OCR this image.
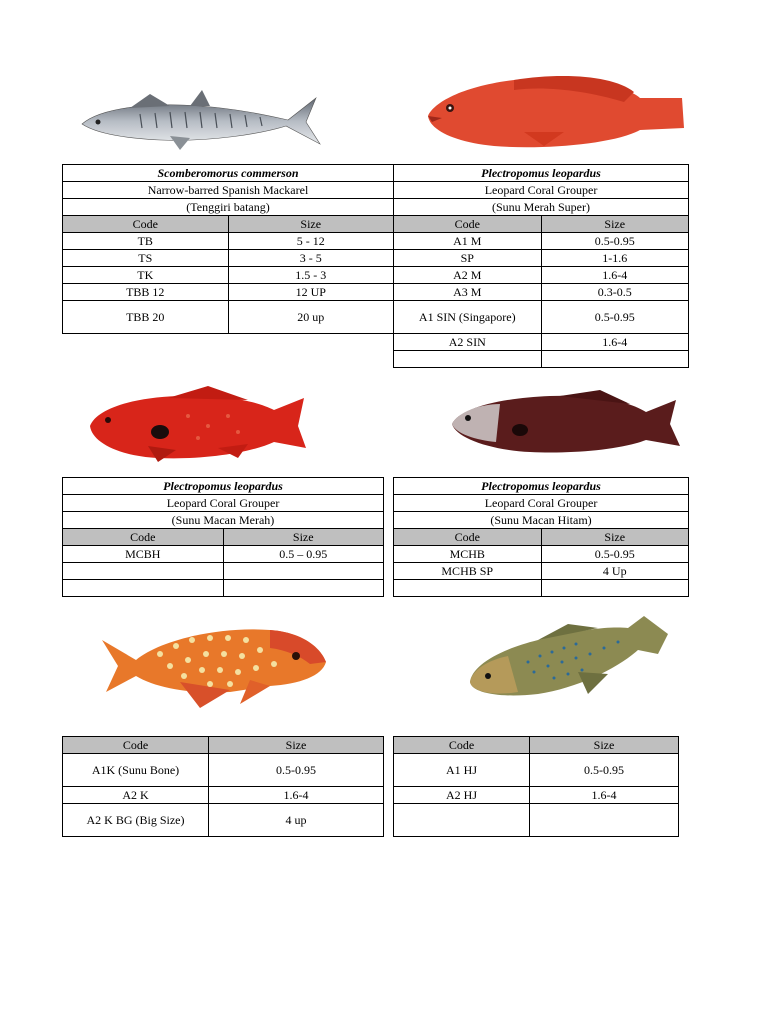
Scomberomorus commerson	
Narrow-barred Spanish Mackarel	
(Tenggiri batang)	
Code	Size
TB	5 - 12
TS	3 - 5
TK	1.5 - 3
TBB 12	12 UP
TBB 20	20 up
Plectropomus leopardus	
Leopard Coral Grouper	
(Sunu Merah Super)	
Code	Size
A1 M	0.5-0.95
SP	1-1.6
A2 M	1.6-4
A3 M	0.3-0.5
A1 SIN (Singapore)	0.5-0.95
A2 SIN	1.6-4

Plectropomus leopardus	
Leopard Coral Grouper	
(Sunu Macan Merah)	
Code	Size
MCBH	0.5 – 0.95

Plectropomus leopardus	
Leopard Coral Grouper	
(Sunu Macan Hitam)	
Code	Size
MCHB	0.5-0.95
MCHB SP	4 Up

Code	Size
A1K (Sunu Bone)	0.5-0.95
A2 K	1.6-4
A2 K BG (Big Size)	4 up
Code	Size
A1 HJ	0.5-0.95
A2 HJ	1.6-4
